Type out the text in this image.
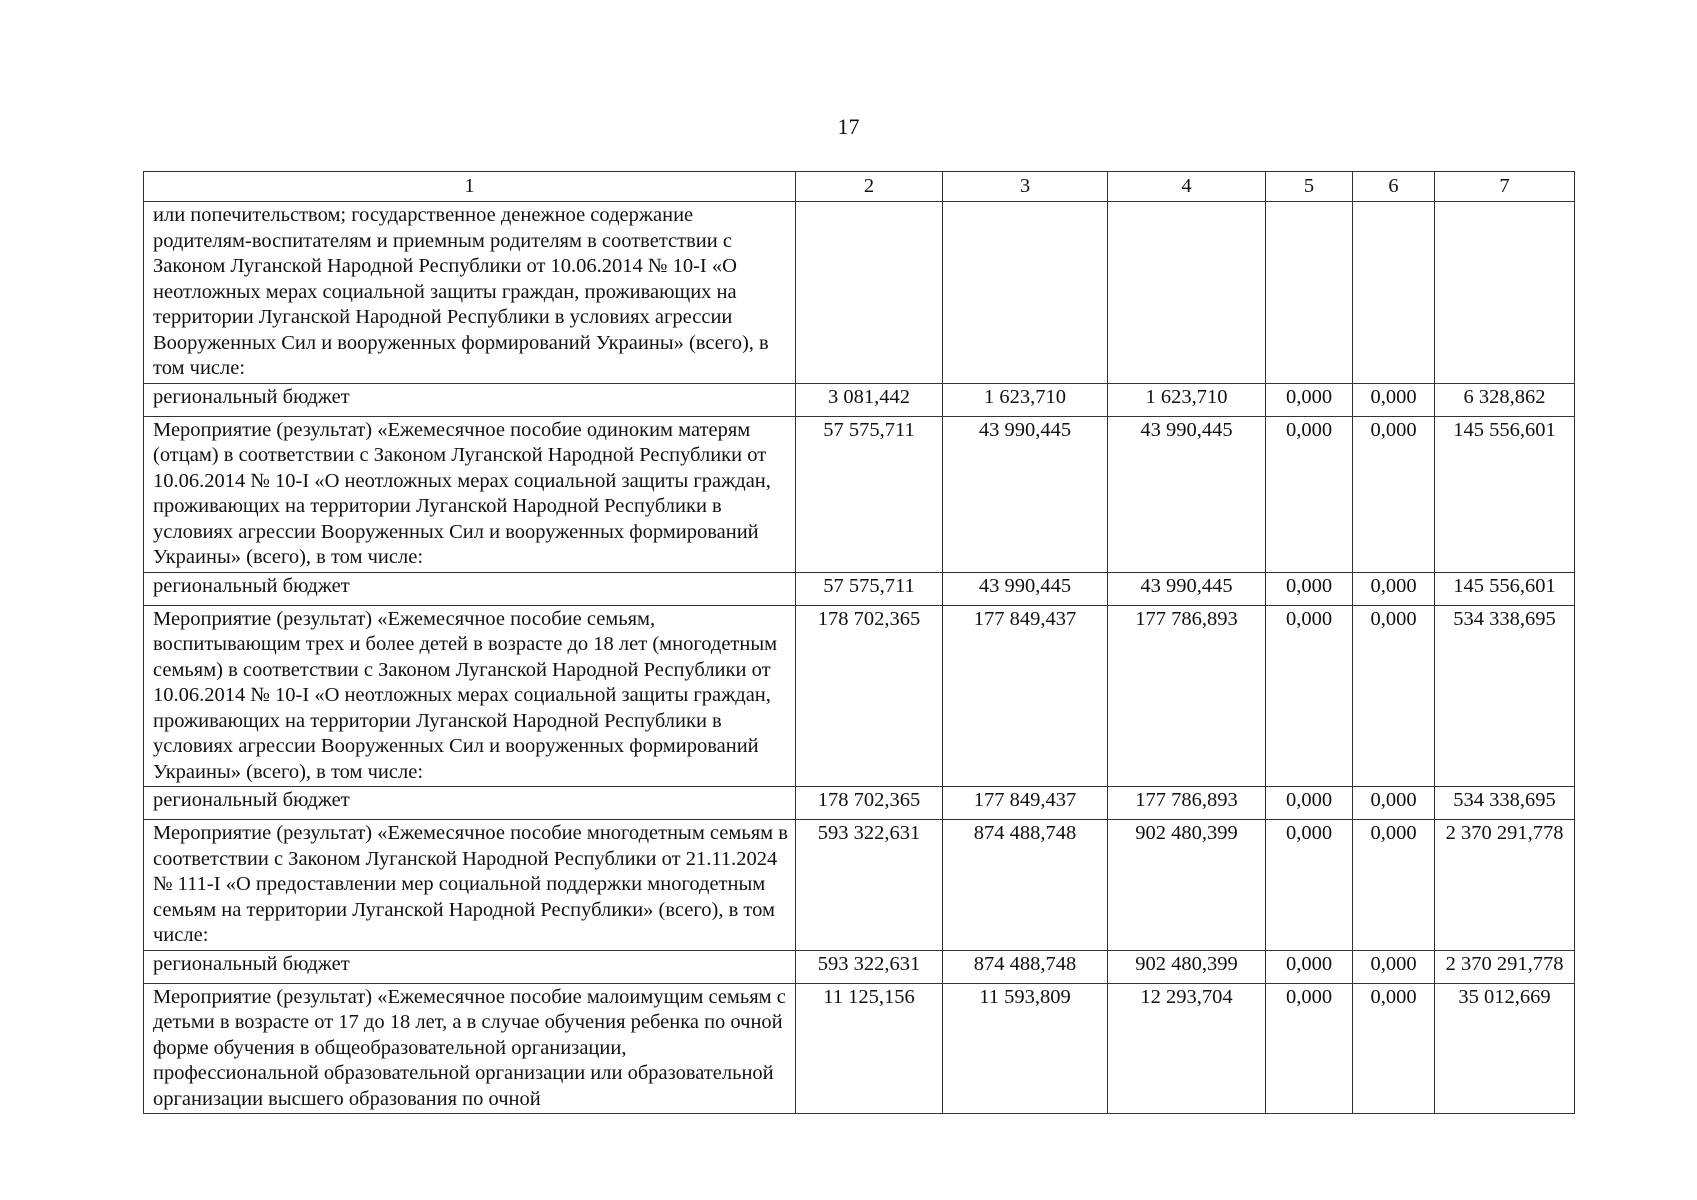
17
1	2	3	4	5	6	7
или попечительством; государственное денежное содержание родителям-воспитателям и приемным родителям в соответствии с Законом Луганской Народной Республики от 10.06.2014 № 10-I «О неотложных мерах социальной защиты граждан, проживающих на территории Луганской Народной Республики в условиях агрессии Вооруженных Сил и вооруженных формирований Украины» (всего), в том числе:						
региональный бюджет	3 081,442	1 623,710	1 623,710	0,000	0,000	6 328,862
Мероприятие (результат) «Ежемесячное пособие одиноким матерям (отцам) в соответствии с Законом Луганской Народной Республики от 10.06.2014 № 10-I «О неотложных мерах социальной защиты граждан, проживающих на территории Луганской Народной Республики в условиях агрессии Вооруженных Сил и вооруженных формирований Украины» (всего), в том числе:	57 575,711	43 990,445	43 990,445	0,000	0,000	145 556,601
региональный бюджет	57 575,711	43 990,445	43 990,445	0,000	0,000	145 556,601
Мероприятие (результат) «Ежемесячное пособие семьям, воспитывающим трех и более детей в возрасте до 18 лет (многодетным семьям) в соответствии с Законом Луганской Народной Республики от 10.06.2014 № 10-I «О неотложных мерах социальной защиты граждан, проживающих на территории Луганской Народной Республики в условиях агрессии Вооруженных Сил и вооруженных формирований Украины» (всего), в том числе:	178 702,365	177 849,437	177 786,893	0,000	0,000	534 338,695
региональный бюджет	178 702,365	177 849,437	177 786,893	0,000	0,000	534 338,695
Мероприятие (результат) «Ежемесячное пособие многодетным семьям в соответствии с Законом Луганской Народной Республики от 21.11.2024 № 111-I «О предоставлении мер социальной поддержки многодетным семьям на территории Луганской Народной Республики» (всего), в том числе:	593 322,631	874 488,748	902 480,399	0,000	0,000	2 370 291,778
региональный бюджет	593 322,631	874 488,748	902 480,399	0,000	0,000	2 370 291,778
Мероприятие (результат) «Ежемесячное пособие малоимущим семьям с детьми в возрасте от 17 до 18 лет, а в случае обучения ребенка по очной форме обучения в общеобразовательной организации, профессиональной образовательной организации или образовательной организации высшего образования по очной	11 125,156	11 593,809	12 293,704	0,000	0,000	35 012,669
